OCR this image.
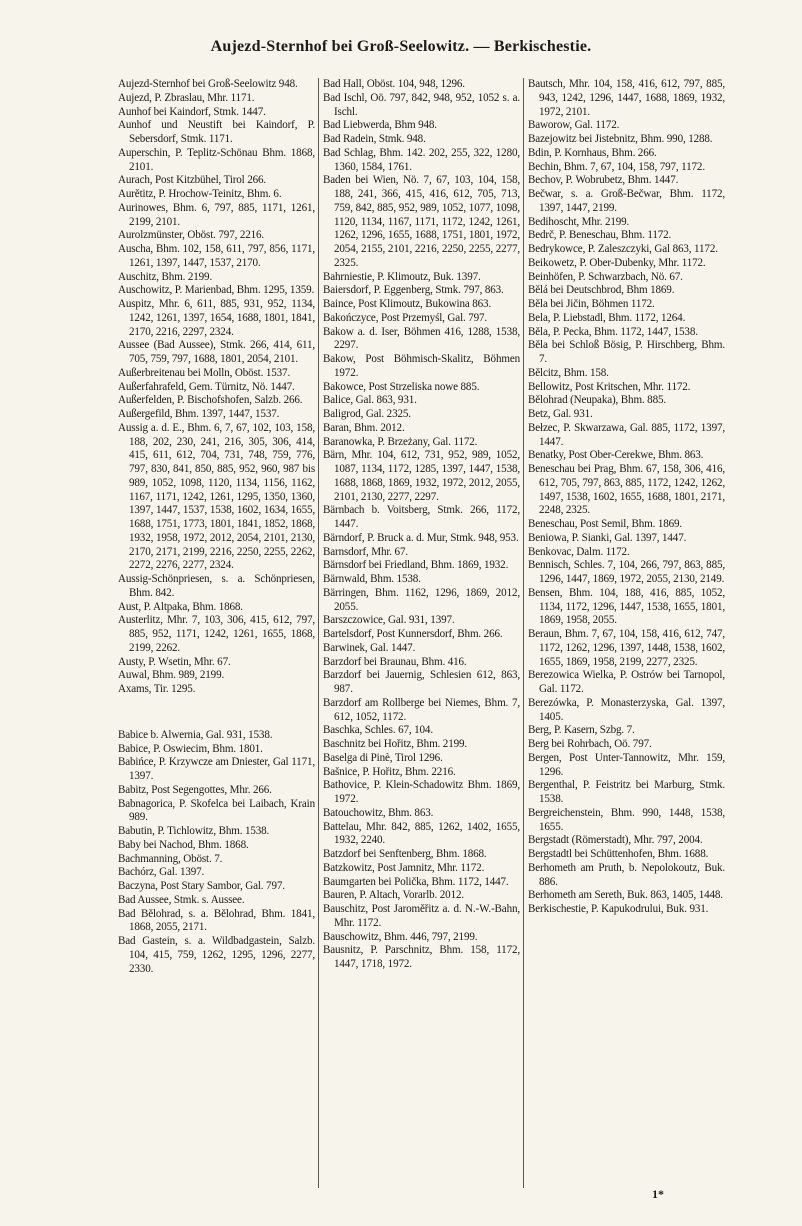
Aujezd-Sternhof bei Groß-Seelowitz. — Berkischestie.

Aujezd-Sternhof bei Groß-Seelowitz 948.

Aujezd, P. Zbraslau, Mhr. 1171.

Aunhof bei Kaindorf, Stmk. 1447.

Aunhof und Neustift bei Kaindorf, P. Sebersdorf, Stmk. 1171.

Auperschin, P. Teplitz-Schönau Bhm. 1868, 2101.

Aurach, Post Kitzbühel, Tirol 266.

Aurětitz, P. Hrochow-Teinitz, Bhm. 6.

Aurinowes, Bhm. 6, 797, 885, 1171, 1261, 2199, 2101.

Aurolzmünster, Oböst. 797, 2216.

Auscha, Bhm. 102, 158, 611, 797, 856, 1171, 1261, 1397, 1447, 1537, 2170.

Auschitz, Bhm. 2199.

Auschowitz, P. Marienbad, Bhm. 1295, 1359.

Auspitz, Mhr. 6, 611, 885, 931, 952, 1134, 1242, 1261, 1397, 1654, 1688, 1801, 1841, 2170, 2216, 2297, 2324.

Aussee (Bad Aussee), Stmk. 266, 414, 611, 705, 759, 797, 1688, 1801, 2054, 2101.

Außerbreitenau bei Molln, Oböst. 1537.

Außerfahrafeld, Gem. Türnitz, Nö. 1447.

Außerfelden, P. Bischofshofen, Salzb. 266.

Außergefild, Bhm. 1397, 1447, 1537.

Aussig a. d. E., Bhm. 6, 7, 67, 102, 103, 158, 188, 202, 230, 241, 216, 305, 306, 414, 415, 611, 612, 704, 731, 748, 759, 776, 797, 830, 841, 850, 885, 952, 960, 987 bis 989, 1052, 1098, 1120, 1134, 1156, 1162, 1167, 1171, 1242, 1261, 1295, 1350, 1360, 1397, 1447, 1537, 1538, 1602, 1634, 1655, 1688, 1751, 1773, 1801, 1841, 1852, 1868, 1932, 1958, 1972, 2012, 2054, 2101, 2130, 2170, 2171, 2199, 2216, 2250, 2255, 2262, 2272, 2276, 2277, 2324.

Aussig-Schönpriesen, s. a. Schönpriesen, Bhm. 842.

Aust, P. Altpaka, Bhm. 1868.

Austerlitz, Mhr. 7, 103, 306, 415, 612, 797, 885, 952, 1171, 1242, 1261, 1655, 1868, 2199, 2262.

Austy, P. Wsetin, Mhr. 67.

Auwal, Bhm. 989, 2199.

Axams, Tir. 1295.

Babice b. Alwernia, Gal. 931, 1538.

Babice, P. Oswiecim, Bhm. 1801.

Babińce, P. Krzywcze am Dniester, Gal 1171, 1397.

Babitz, Post Segengottes, Mhr. 266.

Babnagorica, P. Skofelca bei Laibach, Krain 989.

Babutin, P. Tichlowitz, Bhm. 1538.

Baby bei Nachod, Bhm. 1868.

Bachmanning, Oböst. 7.

Bachórz, Gal. 1397.

Baczyna, Post Stary Sambor, Gal. 797.

Bad Aussee, Stmk. s. Aussee.

Bad Bělohrad, s. a. Bělohrad, Bhm. 1841, 1868, 2055, 2171.

Bad Gastein, s. a. Wildbadgastein, Salzb. 104, 415, 759, 1262, 1295, 1296, 2277, 2330.

Bad Hall, Oböst. 104, 948, 1296.

Bad Ischl, Oö. 797, 842, 948, 952, 1052 s. a. Ischl.

Bad Liebwerda, Bhm 948.

Bad Radein, Stmk. 948.

Bad Schlag, Bhm. 142. 202, 255, 322, 1280, 1360, 1584, 1761.

Baden bei Wien, Nö. 7, 67, 103, 104, 158, 188, 241, 366, 415, 416, 612, 705, 713, 759, 842, 885, 952, 989, 1052, 1077, 1098, 1120, 1134, 1167, 1171, 1172, 1242, 1261, 1262, 1296, 1655, 1688, 1751, 1801, 1972, 2054, 2155, 2101, 2216, 2250, 2255, 2277, 2325.

Bahrniestie, P. Klimoutz, Buk. 1397.

Baiersdorf, P. Eggenberg, Stmk. 797, 863.

Baince, Post Klimoutz, Bukowina 863.

Bakończyce, Post Przemyśl, Gal. 797.

Bakow a. d. Iser, Böhmen 416, 1288, 1538, 2297.

Bakow, Post Böhmisch-Skalitz, Böhmen 1972.

Bakowce, Post Strzeliska nowe 885.

Balice, Gal. 863, 931.

Baligrod, Gal. 2325.

Baran, Bhm. 2012.

Baranowka, P. Brzeżany, Gal. 1172.

Bärn, Mhr. 104, 612, 731, 952, 989, 1052, 1087, 1134, 1172, 1285, 1397, 1447, 1538, 1688, 1868, 1869, 1932, 1972, 2012, 2055, 2101, 2130, 2277, 2297.

Bärnbach b. Voitsberg, Stmk. 266, 1172, 1447.

Bärndorf, P. Bruck a. d. Mur, Stmk. 948, 953.

Barnsdorf, Mhr. 67.

Bärnsdorf bei Friedland, Bhm. 1869, 1932.

Bärnwald, Bhm. 1538.

Bärringen, Bhm. 1162, 1296, 1869, 2012, 2055.

Barszczowice, Gal. 931, 1397.

Bartelsdorf, Post Kunnersdorf, Bhm. 266.

Barwinek, Gal. 1447.

Barzdorf bei Braunau, Bhm. 416.

Barzdorf bei Jauernig, Schlesien 612, 863, 987.

Barzdorf am Rollberge bei Niemes, Bhm. 7, 612, 1052, 1172.

Baschka, Schles. 67, 104.

Baschnitz bei Hořitz, Bhm. 2199.

Baselga di Pinè, Tirol 1296.

Bašnice, P. Hořitz, Bhm. 2216.

Bathovice, P. Klein-Schadowitz Bhm. 1869, 1972.

Batouchowitz, Bhm. 863.

Battelau, Mhr. 842, 885, 1262, 1402, 1655, 1932, 2240.

Batzdorf bei Senftenberg, Bhm. 1868.

Batzkowitz, Post Jamnitz, Mhr. 1172.

Baumgarten bei Polička, Bhm. 1172, 1447.

Bauren, P. Altach, Vorarlb. 2012.

Bauschitz, Post Jaroměřitz a. d. N.-W.-Bahn, Mhr. 1172.

Bauschowitz, Bhm. 446, 797, 2199.

Bausnitz, P. Parschnitz, Bhm. 158, 1172, 1447, 1718, 1972.

Bautsch, Mhr. 104, 158, 416, 612, 797, 885, 943, 1242, 1296, 1447, 1688, 1869, 1932, 1972, 2101.

Baworow, Gal. 1172.

Bazejowitz bei Jistebnitz, Bhm. 990, 1288.

Bdin, P. Kornhaus, Bhm. 266.

Bechin, Bhm. 7, 67, 104, 158, 797, 1172.

Bechov, P. Wobrubetz, Bhm. 1447.

Bečwar, s. a. Groß-Bečwar, Bhm. 1172, 1397, 1447, 2199.

Bedihoscht, Mhr. 2199.

Bedrč, P. Beneschau, Bhm. 1172.

Bedrykowce, P. Zaleszczyki, Gal 863, 1172.

Beikowetz, P. Ober-Dubenky, Mhr. 1172.

Beinhöfen, P. Schwarzbach, Nö. 67.

Bělá bei Deutschbrod, Bhm 1869.

Běla bei Jičin, Böhmen 1172.

Bela, P. Liebstadl, Bhm. 1172, 1264.

Běla, P. Pecka, Bhm. 1172, 1447, 1538.

Běla bei Schloß Bösig, P. Hirschberg, Bhm. 7.

Bělcitz, Bhm. 158.

Bellowitz, Post Kritschen, Mhr. 1172.

Bělohrad (Neupaka), Bhm. 885.

Betz, Gal. 931.

Bełzec, P. Skwarzawa, Gal. 885, 1172, 1397, 1447.

Benatky, Post Ober-Cerekwe, Bhm. 863.

Beneschau bei Prag, Bhm. 67, 158, 306, 416, 612, 705, 797, 863, 885, 1172, 1242, 1262, 1497, 1538, 1602, 1655, 1688, 1801, 2171, 2248, 2325.

Beneschau, Post Semil, Bhm. 1869.

Beniowa, P. Sianki, Gal. 1397, 1447.

Benkovac, Dalm. 1172.

Bennisch, Schles. 7, 104, 266, 797, 863, 885, 1296, 1447, 1869, 1972, 2055, 2130, 2149.

Bensen, Bhm. 104, 188, 416, 885, 1052, 1134, 1172, 1296, 1447, 1538, 1655, 1801, 1869, 1958, 2055.

Beraun, Bhm. 7, 67, 104, 158, 416, 612, 747, 1172, 1262, 1296, 1397, 1448, 1538, 1602, 1655, 1869, 1958, 2199, 2277, 2325.

Berezowica Wielka, P. Ostrów bei Tarnopol, Gal. 1172.

Berezówka, P. Monasterzyska, Gal. 1397, 1405.

Berg, P. Kasern, Szbg. 7.

Berg bei Rohrbach, Oö. 797.

Bergen, Post Unter-Tannowitz, Mhr. 159, 1296.

Bergenthal, P. Feistritz bei Marburg, Stmk. 1538.

Bergreichenstein, Bhm. 990, 1448, 1538, 1655.

Bergstadt (Römerstadt), Mhr. 797, 2004.

Bergstadtl bei Schüttenhofen, Bhm. 1688.

Berhometh am Pruth, b. Nepolokoutz, Buk. 886.

Berhometh am Sereth, Buk. 863, 1405, 1448.

Berkischestie, P. Kapukodrului, Buk. 931.

1*
